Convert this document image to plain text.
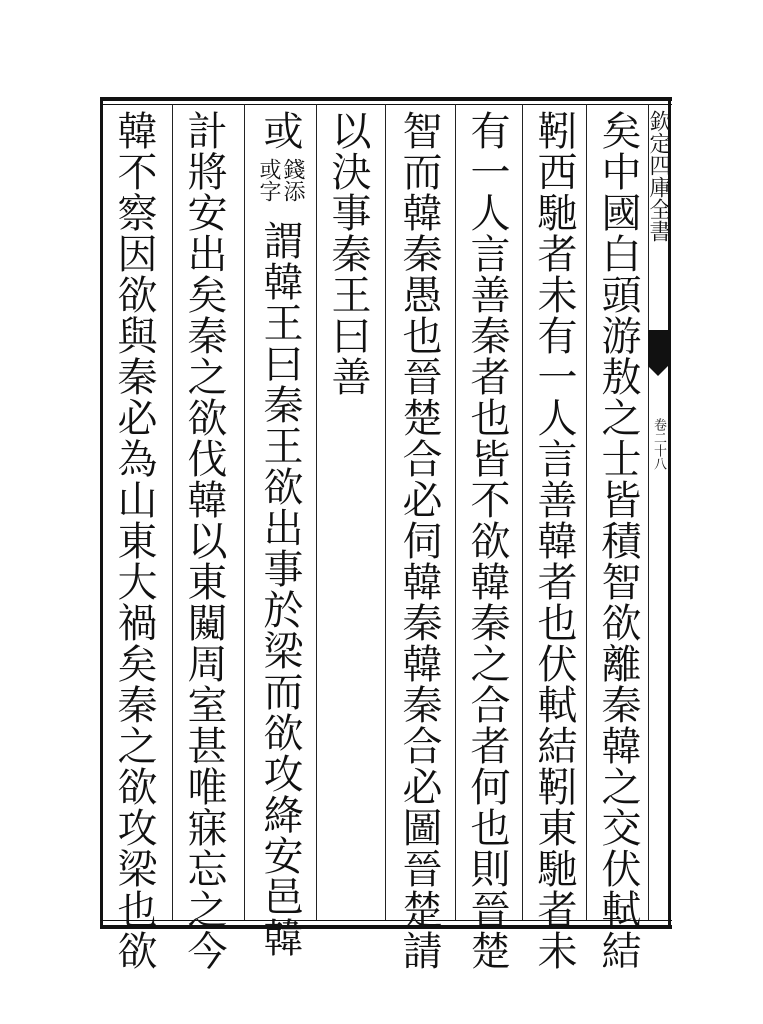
欽定四庫全書
卷二十八
矣中國白頭游敖之士皆積智欲離秦韓之交伏軾結
靷西馳者未有一人言善韓者也伏軾結靷東馳者未
有一人言善秦者也皆不欲韓秦之合者何也則晉楚
智而韓秦愚也晉楚合必伺韓秦韓秦合必圖晉楚請
以決事秦王曰善
或
錢添
或字
謂韓王曰秦王欲出事於梁而欲攻絳安邑韓
計將安出矣秦之欲伐韓以東闚周室甚唯寐忘之今
韓不察因欲與秦必為山東大禍矣秦之欲攻梁也欲
